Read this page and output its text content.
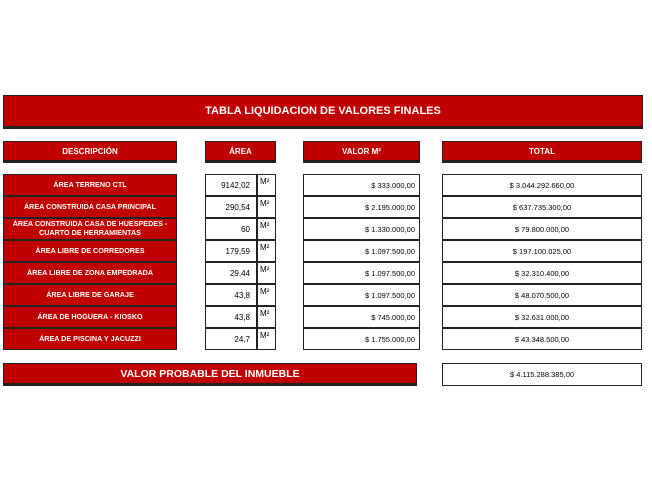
TABLA LIQUIDACION DE VALORES FINALES
DESCRIPCIÓN	ÁREA	VALOR M²	TOTAL
ÁREA TERRENO CTL	9142,02	M²	$ 333.000,00	$ 3.044.292.660,00
ÁREA CONSTRUIDA CASA PRINCIPAL	290,54	M²	$ 2.195.000,00	$ 637.735.300,00
ÁREA CONSTRUIDA CASA DE HUESPEDES - CUARTO DE HERRAMIENTAS	60	M²	$ 1.330.000,00	$ 79.800.000,00
ÁREA LIBRE DE CORREDORES	179,59	M²	$ 1.097.500,00	$ 197.100.025,00
ÁREA LIBRE DE ZONA EMPEDRADA	29,44	M²	$ 1.097.500,00	$ 32.310.400,00
ÁREA LIBRE DE GARAJE	43,8	M²	$ 1.097.500,00	$ 48.070.500,00
ÁREA DE HOGUERA - KIOSKO	43,8	M²	$ 745.000,00	$ 32.631.000,00
ÁREA DE PISCINA Y JACUZZI	24,7	M²	$ 1.755.000,00	$ 43.348.500,00
VALOR PROBABLE DEL INMUEBLE	$ 4.115.288.385,00
